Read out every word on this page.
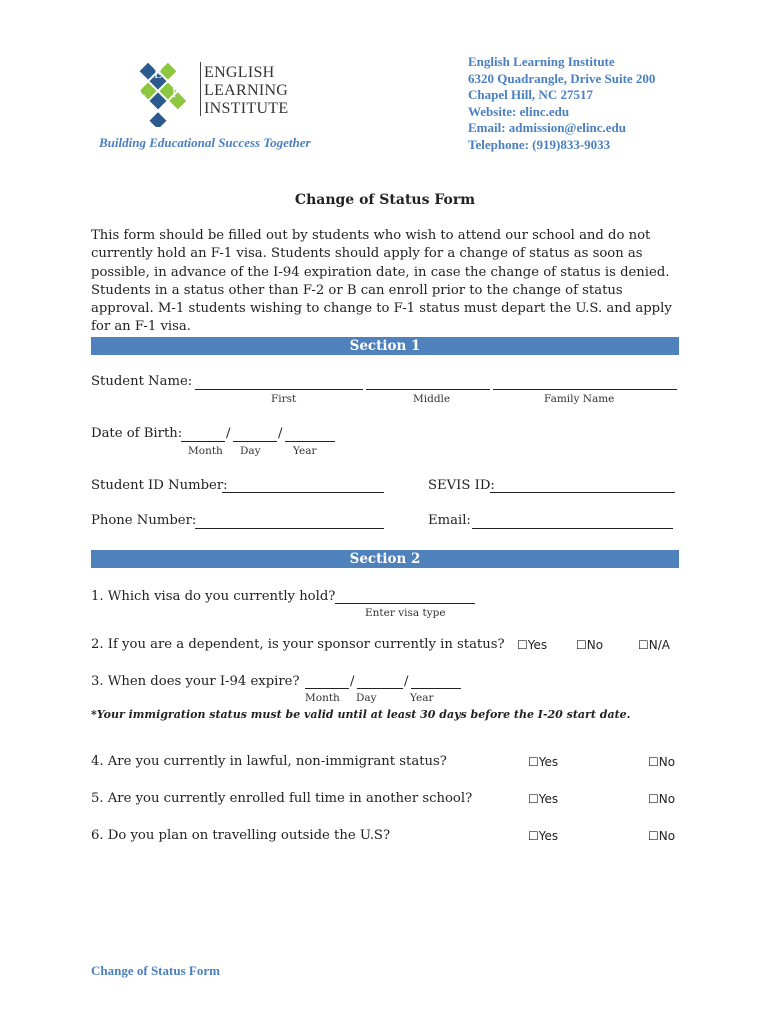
E
L I
ENGLISH
LEARNING
INSTITUTE
Building Educational Success Together
English Learning Institute
6320 Quadrangle, Drive Suite 200
Chapel Hill, NC 27517
Website: elinc.edu
Email: admission@elinc.edu
Telephone: (919)833-9033
Change of Status Form
This form should be filled out by students who wish to attend our school and do not currently hold an F-1 visa. Students should apply for a change of status as soon as possible, in advance of the I-94 expiration date, in case the change of status is denied. Students in a status other than F-2 or B can enroll prior to the change of status approval. M-1 students wishing to change to F-1 status must depart the U.S. and apply for an F-1 visa.
Section 1
Student Name:
First	Middle	Family Name
Date of Birth:	/	/
Month Day	Year
Student ID Number:	SEVIS ID:
Phone Number:	Email:
Section 2
1. Which visa do you currently hold?
Enter visa type
2. If you are a dependent, is your sponsor currently in status? ☐Yes ☐No	☐N/A
3. When does your I-94 expire?	/	/
Month Day	Year
*Your immigration status must be valid until at least 30 days before the I-20 start date.
4. Are you currently in lawful, non-immigrant status?	☐Yes	☐No
5. Are you currently enrolled full time in another school?	☐Yes	☐No
6. Do you plan on travelling outside the U.S?	☐Yes	☐No
Change of Status Form
